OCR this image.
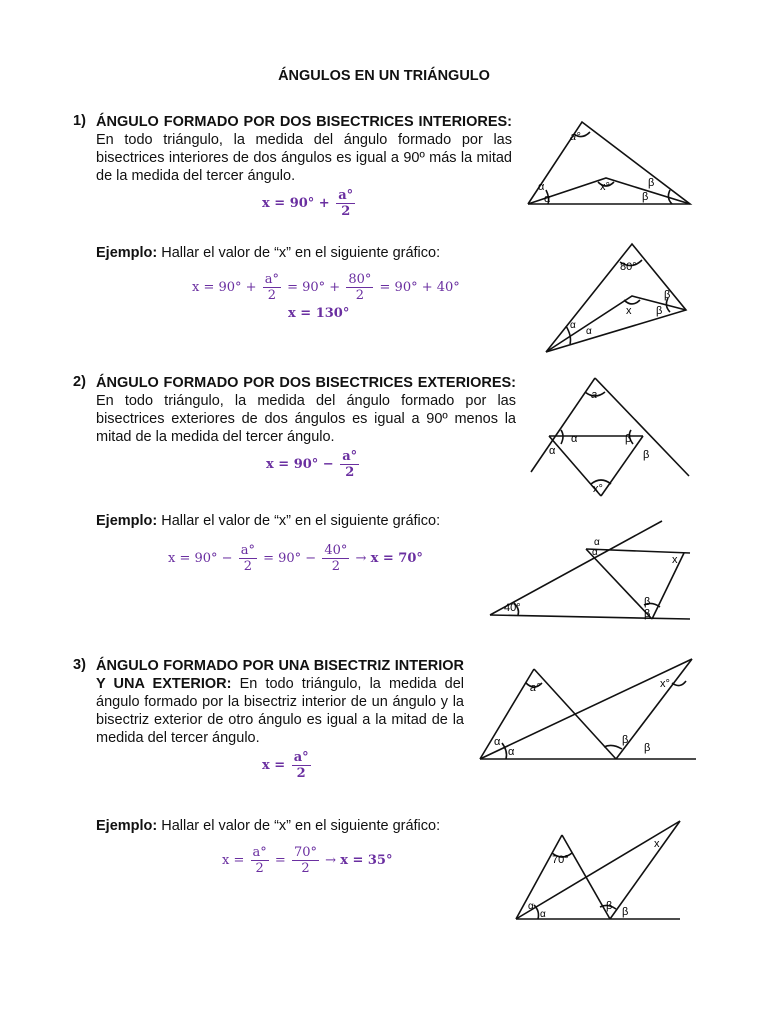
ÁNGULOS EN UN TRIÁNGULO
1) ÁNGULO FORMADO POR DOS BISECTRICES INTERIORES: En todo triángulo, la medida del ángulo formado por las bisectrices interiores de dos ángulos es igual a 90º más la mitad de la medida del tercer ángulo.
$x = 90^\circ + \frac{a^\circ}{2}$
Ejemplo: Hallar el valor de “x” en el siguiente gráfico:
$x = 90^\circ + \frac{a^\circ}{2} = 90^\circ + \frac{80^\circ}{2} = 90^\circ + 40^\circ$
x = 130°
a°
x°
α
α
β
β
80°
x
α
α
β
β
2) ÁNGULO FORMADO POR DOS BISECTRICES EXTERIORES: En todo triángulo, la medida del ángulo formado por las bisectrices exteriores de dos ángulos es igual a 90º menos la mitad de la medida del tercer ángulo.
$x = 90^\circ - \frac{a^\circ}{2}$
Ejemplo: Hallar el valor de “x” en el siguiente gráfico:
$x = 90^\circ - \frac{a^\circ}{2} = 90^\circ - \frac{40^\circ}{2} \to x = 70^\circ$
a
x°
α
α
β
β
40°
x
α
α
β
β
3) ÁNGULO FORMADO POR UNA BISECTRIZ INTERIOR Y UNA EXTERIOR: En todo triángulo, la medida del ángulo formado por la bisectriz interior de un ángulo y la bisectriz exterior de otro ángulo es igual a la mitad de la medida del tercer ángulo.
$x = \frac{a^\circ}{2}$
Ejemplo: Hallar el valor de “x” en el siguiente gráfico:
$x = \frac{a^\circ}{2} = \frac{70^\circ}{2} \to x = 35^\circ$
a°	x°
α
α
β
β
70°
x
α
α
β β
